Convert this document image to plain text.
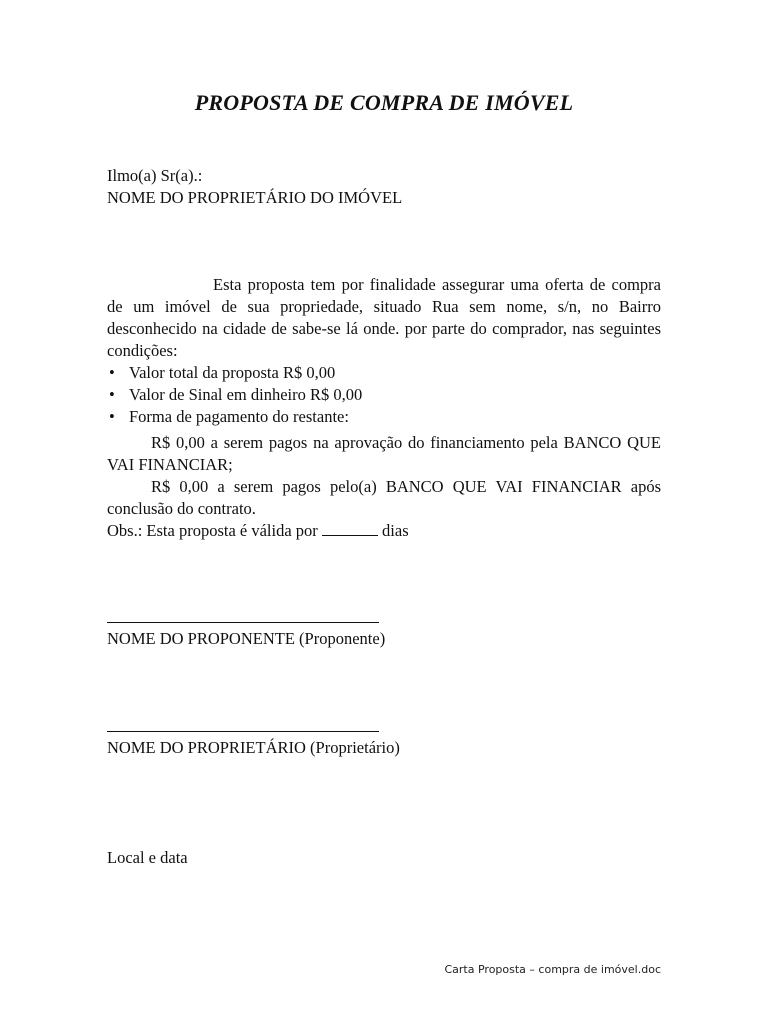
PROPOSTA DE COMPRA DE IMÓVEL
Ilmo(a) Sr(a).:
NOME DO PROPRIETÁRIO DO IMÓVEL
Esta proposta tem por finalidade assegurar uma oferta de compra de um imóvel de sua propriedade, situado Rua sem nome, s/n, no Bairro desconhecido na cidade de sabe-se lá onde. por parte do comprador, nas seguintes condições:
• Valor total da proposta R$ 0,00
• Valor de Sinal em dinheiro R$ 0,00
• Forma de pagamento do restante:
R$ 0,00 a serem pagos na aprovação do financiamento pela BANCO QUE VAI FINANCIAR;
R$ 0,00 a serem pagos pelo(a) BANCO QUE VAI FINANCIAR após conclusão do contrato.
Obs.: Esta proposta é válida por	dias
NOME DO PROPONENTE (Proponente)
NOME DO PROPRIETÁRIO (Proprietário)
Local e data
Carta Proposta – compra de imóvel.doc
